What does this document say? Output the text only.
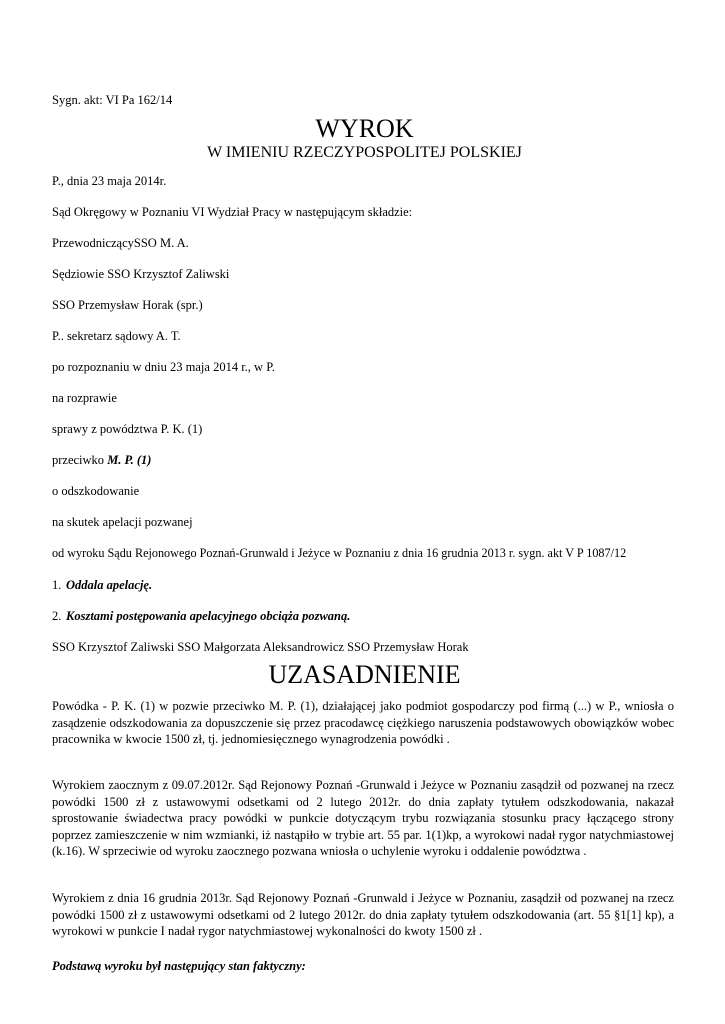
Sygn. akt: VI Pa 162/14
WYROK
W IMIENIU RZECZYPOSPOLITEJ POLSKIEJ
P., dnia 23 maja 2014r.
Sąd Okręgowy w Poznaniu VI Wydział Pracy w następującym składzie:
PrzewodniczącySSO M. A.
Sędziowie SSO Krzysztof Zaliwski
SSO Przemysław Horak (spr.)
P.. sekretarz sądowy A. T.
po rozpoznaniu w dniu 23 maja 2014 r., w P.
na rozprawie
sprawy z powództwa P. K. (1)
przeciwko M. P. (1)
o odszkodowanie
na skutek apelacji pozwanej
od wyroku Sądu Rejonowego Poznań-Grunwald i Jeżyce w Poznaniu z dnia 16 grudnia 2013 r. sygn. akt V P 1087/12
1. Oddala apelację.
2. Kosztami postępowania apelacyjnego obciąża pozwaną.
SSO Krzysztof Zaliwski SSO Małgorzata Aleksandrowicz SSO Przemysław Horak
UZASADNIENIE
Powódka - P. K. (1) w pozwie przeciwko M. P. (1), działającej jako podmiot gospodarczy pod firmą (...) w P., wniosła o zasądzenie odszkodowania za dopuszczenie się przez pracodawcę ciężkiego naruszenia podstawowych obowiązków wobec pracownika w kwocie 1500 zł, tj. jednomiesięcznego wynagrodzenia powódki .
Wyrokiem zaocznym z 09.07.2012r. Sąd Rejonowy Poznań -Grunwald i Jeżyce w Poznaniu zasądził od pozwanej na rzecz powódki 1500 zł z ustawowymi odsetkami od 2 lutego 2012r. do dnia zapłaty tytułem odszkodowania, nakazał sprostowanie świadectwa pracy powódki w punkcie dotyczącym trybu rozwiązania stosunku pracy łączącego strony poprzez zamieszczenie w nim wzmianki, iż nastąpiło w trybie art. 55 par. 1(1)kp, a wyrokowi nadał rygor natychmiastowej (k.16). W sprzeciwie od wyroku zaocznego pozwana wniosła o uchylenie wyroku i oddalenie powództwa .
Wyrokiem z dnia 16 grudnia 2013r. Sąd Rejonowy Poznań -Grunwald i Jeżyce w Poznaniu, zasądził od pozwanej na rzecz powódki 1500 zł z ustawowymi odsetkami od 2 lutego 2012r. do dnia zapłaty tytułem odszkodowania (art. 55 §1[1] kp), a wyrokowi w punkcie I nadał rygor natychmiastowej wykonalności do kwoty 1500 zł .
Podstawą wyroku był następujący stan faktyczny:
